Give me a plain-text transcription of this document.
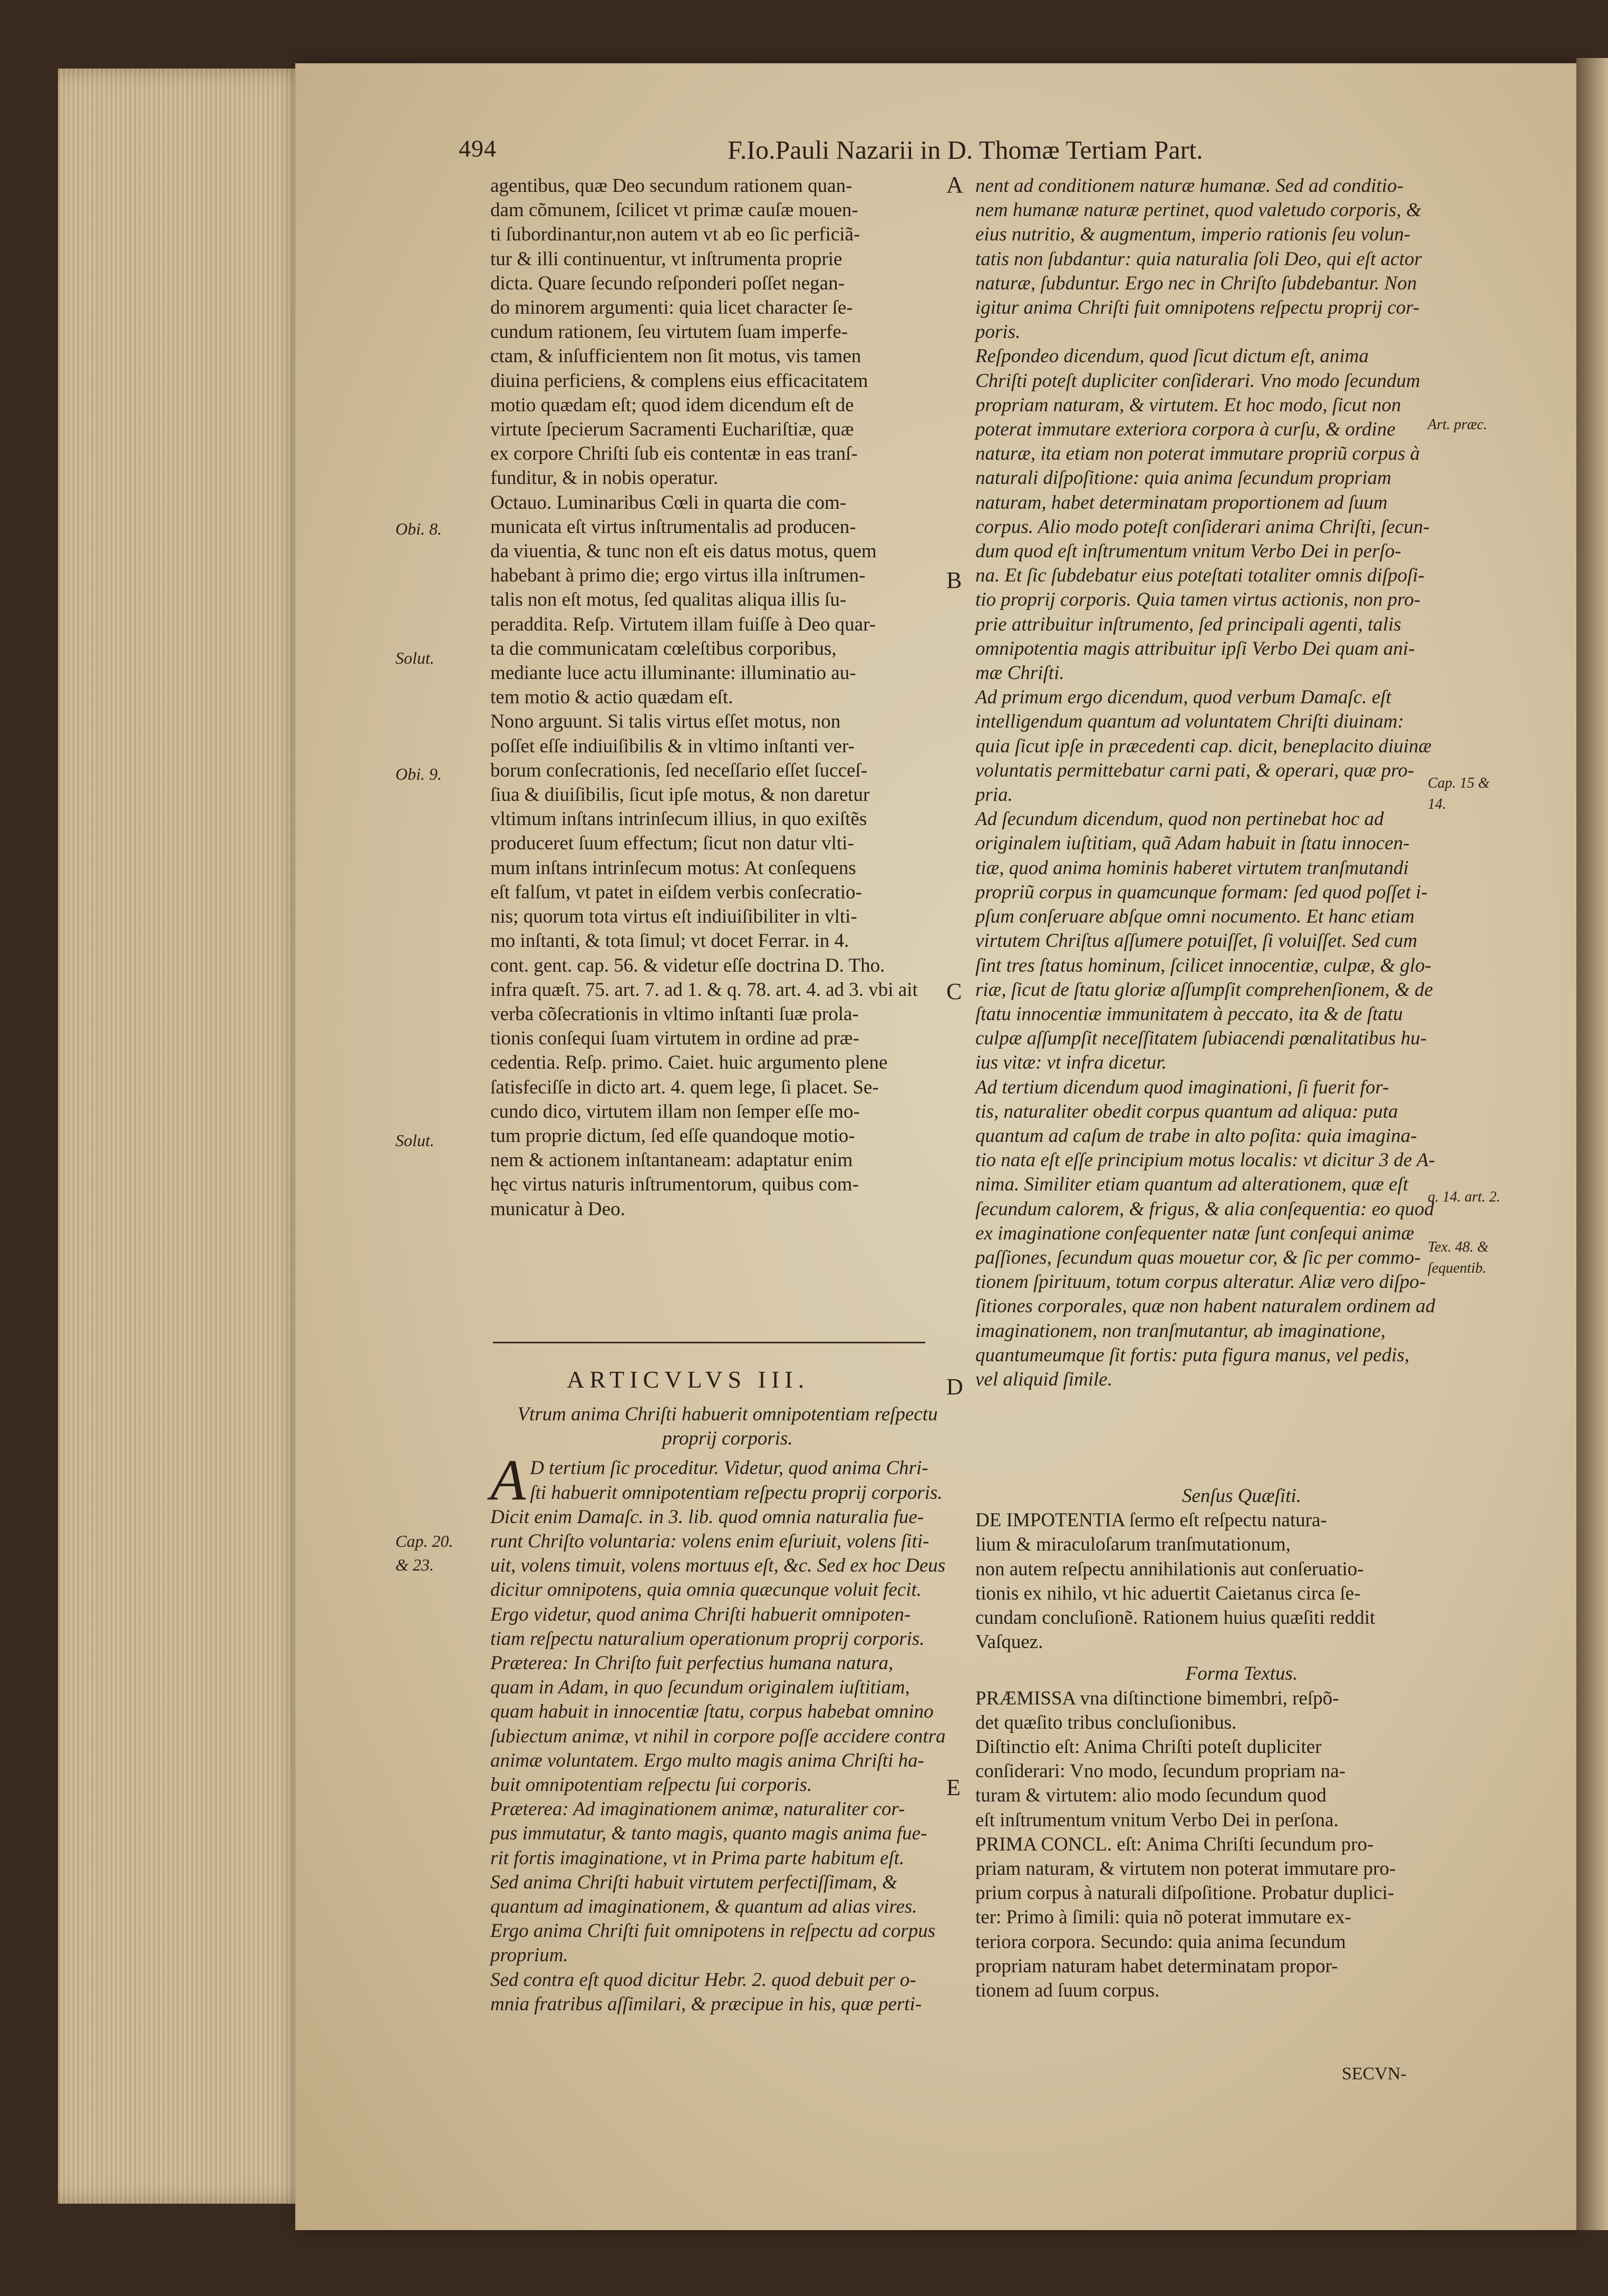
494	F.Io.Pauli Nazarii in D. Thomæ Tertiam Part.

agentibus, quæ Deo secundum rationem quan-

dam cõmunem, ſcilicet vt primæ cauſæ mouen-

ti ſubordinantur,non autem vt ab eo ſic perficiã-

tur & illi continuentur, vt inſtrumenta proprie

dicta. Quare ſecundo reſponderi poſſet negan-

do minorem argumenti: quia licet character ſe-

cundum rationem, ſeu virtutem ſuam imperfe-

ctam, & inſufficientem non ſit motus, vis tamen

diuina perficiens, & complens eius efficacitatem

motio quædam eſt; quod idem dicendum eſt de

virtute ſpecierum Sacramenti Euchariſtiæ, quæ

ex corpore Chriſti ſub eis contentæ in eas tranſ-

funditur, & in nobis operatur.

Octauo. Luminaribus Cœli in quarta die com-

municata eſt virtus inſtrumentalis ad producen-

da viuentia, & tunc non eſt eis datus motus, quem

habebant à primo die; ergo virtus illa inſtrumen-

talis non eſt motus, ſed qualitas aliqua illis ſu-

peraddita. Reſp. Virtutem illam fuiſſe à Deo quar-

ta die communicatam cœleſtibus corporibus,

mediante luce actu illuminante: illuminatio au-

tem motio & actio quædam eſt.

Nono arguunt. Si talis virtus eſſet motus, non

poſſet eſſe indiuiſibilis & in vltimo inſtanti ver-

borum conſecrationis, ſed neceſſario eſſet ſucceſ-

ſiua & diuiſibilis, ſicut ipſe motus, & non daretur

vltimum inſtans intrinſecum illius, in quo exiſtẽs

produceret ſuum effectum; ſicut non datur vlti-

mum inſtans intrinſecum motus: At conſequens

eſt falſum, vt patet in eiſdem verbis conſecratio-

nis; quorum tota virtus eſt indiuiſibiliter in vlti-

mo inſtanti, & tota ſimul; vt docet Ferrar. in 4.

cont. gent. cap. 56. & videtur eſſe doctrina D. Tho.

infra quæſt. 75. art. 7. ad 1. & q. 78. art. 4. ad 3. vbi ait

verba cõſecrationis in vltimo inſtanti ſuæ prola-

tionis conſequi ſuam virtutem in ordine ad præ-

cedentia. Reſp. primo. Caiet. huic argumento plene

ſatisfeciſſe in dicto art. 4. quem lege, ſi placet. Se-

cundo dico, virtutem illam non ſemper eſſe mo-

tum proprie dictum, ſed eſſe quandoque motio-

nem & actionem inſtantaneam: adaptatur enim

hęc virtus naturis inſtrumentorum, quibus com-

municatur à Deo.

ARTICVLVS III.

Vtrum anima Chriſti habuerit omnipotentiam reſpectu

proprij corporis.

A D tertium ſic proceditur. Videtur, quod anima Chri-

ſti habuerit omnipotentiam reſpectu proprij corporis.

Dicit enim Damaſc. in 3. lib. quod omnia naturalia fue-

runt Chriſto voluntaria: volens enim eſuriuit, volens ſiti-

uit, volens timuit, volens mortuus eſt, &c. Sed ex hoc Deus

dicitur omnipotens, quia omnia quæcunque voluit fecit.

Ergo videtur, quod anima Chriſti habuerit omnipoten-

tiam reſpectu naturalium operationum proprij corporis.

Præterea: In Chriſto fuit perfectius humana natura,

quam in Adam, in quo ſecundum originalem iuſtitiam,

quam habuit in innocentiæ ſtatu, corpus habebat omnino

ſubiectum animæ, vt nihil in corpore poſſe accidere contra

animæ voluntatem. Ergo multo magis anima Chriſti ha-

buit omnipotentiam reſpectu ſui corporis.

Præterea: Ad imaginationem animæ, naturaliter cor-

pus immutatur, & tanto magis, quanto magis anima fue-

rit fortis imaginatione, vt in Prima parte habitum eſt.

Sed anima Chriſti habuit virtutem perfectiſſimam, &

quantum ad imaginationem, & quantum ad alias vires.

Ergo anima Chriſti fuit omnipotens in reſpectu ad corpus

proprium.

Sed contra eſt quod dicitur Hebr. 2. quod debuit per o-

mnia fratribus aſſimilari, & præcipue in his, quæ perti-

nent ad conditionem naturæ humanæ. Sed ad conditio-

nem humanæ naturæ pertinet, quod valetudo corporis, &

eius nutritio, & augmentum, imperio rationis ſeu volun-

tatis non ſubdantur: quia naturalia ſoli Deo, qui eſt actor

naturæ, ſubduntur. Ergo nec in Chriſto ſubdebantur. Non

igitur anima Chriſti fuit omnipotens reſpectu proprij cor-

poris.

Reſpondeo dicendum, quod ſicut dictum eſt, anima

Chriſti poteſt dupliciter conſiderari. Vno modo ſecundum

propriam naturam, & virtutem. Et hoc modo, ſicut non

poterat immutare exteriora corpora à curſu, & ordine

naturæ, ita etiam non poterat immutare propriũ corpus à

naturali diſpoſitione: quia anima ſecundum propriam

naturam, habet determinatam proportionem ad ſuum

corpus. Alio modo poteſt conſiderari anima Chriſti, ſecun-

dum quod eſt inſtrumentum vnitum Verbo Dei in perſo-

na. Et ſic ſubdebatur eius poteſtati totaliter omnis diſpoſi-

tio proprij corporis. Quia tamen virtus actionis, non pro-

prie attribuitur inſtrumento, ſed principali agenti, talis

omnipotentia magis attribuitur ipſi Verbo Dei quam ani-

mæ Chriſti.

Ad primum ergo dicendum, quod verbum Damaſc. eſt

intelligendum quantum ad voluntatem Chriſti diuinam:

quia ſicut ipſe in præcedenti cap. dicit, beneplacito diuinæ

voluntatis permittebatur carni pati, & operari, quæ pro-

pria.

Ad ſecundum dicendum, quod non pertinebat hoc ad

originalem iuſtitiam, quã Adam habuit in ſtatu innocen-

tiæ, quod anima hominis haberet virtutem tranſmutandi

propriũ corpus in quamcunque formam: ſed quod poſſet i-

pſum conſeruare abſque omni nocumento. Et hanc etiam

virtutem Chriſtus aſſumere potuiſſet, ſi voluiſſet. Sed cum

ſint tres ſtatus hominum, ſcilicet innocentiæ, culpæ, & glo-

riæ, ſicut de ſtatu gloriæ aſſumpſit comprehenſionem, & de

ſtatu innocentiæ immunitatem à peccato, ita & de ſtatu

culpæ aſſumpſit neceſſitatem ſubiacendi pœnalitatibus hu-

ius vitæ: vt infra dicetur.

Ad tertium dicendum quod imaginationi, ſi fuerit for-

tis, naturaliter obedit corpus quantum ad aliqua: puta

quantum ad caſum de trabe in alto poſita: quia imagina-

tio nata eſt eſſe principium motus localis: vt dicitur 3 de A-

nima. Similiter etiam quantum ad alterationem, quæ eſt

ſecundum calorem, & frigus, & alia conſequentia: eo quod

ex imaginatione conſequenter natæ ſunt conſequi animæ

paſſiones, ſecundum quas mouetur cor, & ſic per commo-

tionem ſpirituum, totum corpus alteratur. Aliæ vero diſpo-

ſitiones corporales, quæ non habent naturalem ordinem ad

imaginationem, non tranſmutantur, ab imaginatione,

quantumeumque ſit fortis: puta figura manus, vel pedis,

vel aliquid ſimile.

Senſus Quæſiti.

DE IMPOTENTIA ſermo eſt reſpectu natura-

lium & miraculoſarum tranſmutationum,

non autem reſpectu annihilationis aut conſeruatio-

tionis ex nihilo, vt hic aduertit Caietanus circa ſe-

cundam concluſionẽ. Rationem huius quæſiti reddit

Vaſquez.

Forma Textus.

PRÆMISSA vna diſtinctione bimembri, reſpõ-

det quæſito tribus concluſionibus.

Diſtinctio eſt: Anima Chriſti poteſt dupliciter

conſiderari: Vno modo, ſecundum propriam na-

turam & virtutem: alio modo ſecundum quod

eſt inſtrumentum vnitum Verbo Dei in perſona.

PRIMA CONCL. eſt: Anima Chriſti ſecundum pro-

priam naturam, & virtutem non poterat immutare pro-

prium corpus à naturali diſpoſitione. Probatur duplici-

ter: Primo à ſimili: quia nõ poterat immutare ex-

teriora corpora. Secundo: quia anima ſecundum

propriam naturam habet determinatam propor-

tionem ad ſuum corpus.

SECVN-
Obi. 8.
Solut.
Obi. 9.
Solut.
Cap. 20.
& 23.
Art. præc.
Cap. 15 &
14.
q. 14. art. 2.
Tex. 48. &
ſequentib.
A
B
C
D
E
